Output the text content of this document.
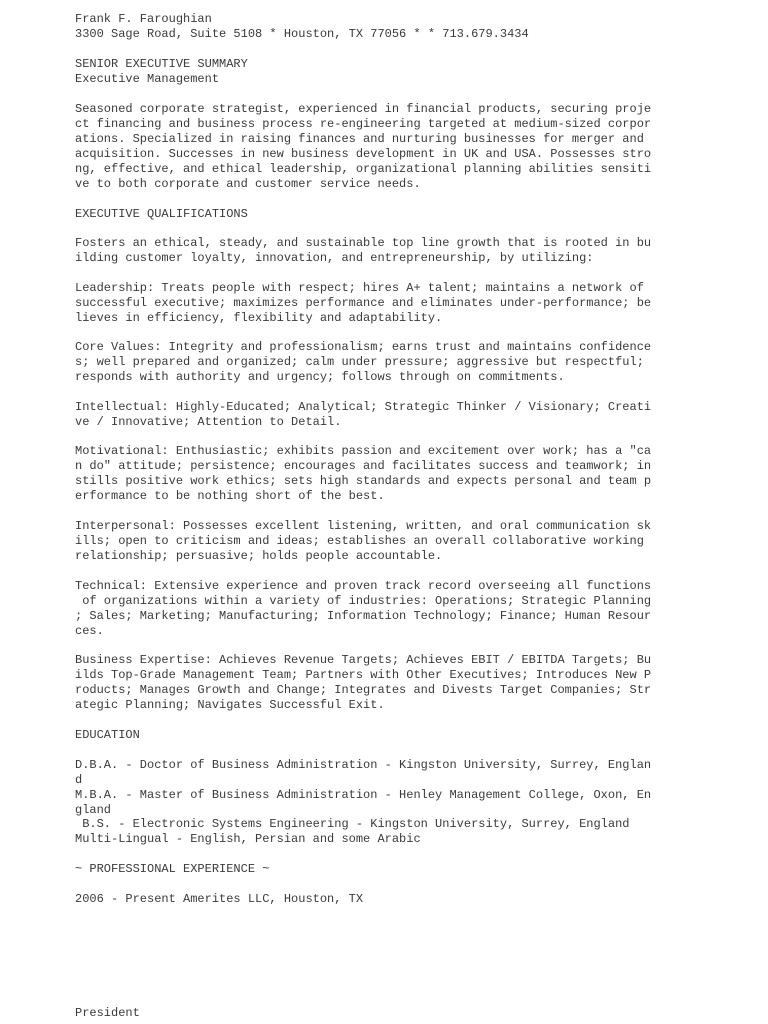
Frank F. Faroughian

3300 Sage Road, Suite 5108 * Houston, TX 77056 * * 713.679.3434

SENIOR EXECUTIVE SUMMARY

Executive Management

Seasoned corporate strategist, experienced in financial products, securing proje

ct financing and business process re-engineering targeted at medium-sized corpor

ations. Specialized in raising finances and nurturing businesses for merger and

acquisition. Successes in new business development in UK and USA. Possesses stro

ng, effective, and ethical leadership, organizational planning abilities sensiti

ve to both corporate and customer service needs.

EXECUTIVE QUALIFICATIONS

Fosters an ethical, steady, and sustainable top line growth that is rooted in bu

ilding customer loyalty, innovation, and entrepreneurship, by utilizing:

Leadership: Treats people with respect; hires A+ talent; maintains a network of

successful executive; maximizes performance and eliminates under-performance; be

lieves in efficiency, flexibility and adaptability.

Core Values: Integrity and professionalism; earns trust and maintains confidence

s; well prepared and organized; calm under pressure; aggressive but respectful;

responds with authority and urgency; follows through on commitments.

Intellectual: Highly-Educated; Analytical; Strategic Thinker / Visionary; Creati

ve / Innovative; Attention to Detail.

Motivational: Enthusiastic; exhibits passion and excitement over work; has a "ca

n do" attitude; persistence; encourages and facilitates success and teamwork; in

stills positive work ethics; sets high standards and expects personal and team p

erformance to be nothing short of the best.

Interpersonal: Possesses excellent listening, written, and oral communication sk

ills; open to criticism and ideas; establishes an overall collaborative working

relationship; persuasive; holds people accountable.

Technical: Extensive experience and proven track record overseeing all functions

of organizations within a variety of industries: Operations; Strategic Planning

; Sales; Marketing; Manufacturing; Information Technology; Finance; Human Resour

ces.

Business Expertise: Achieves Revenue Targets; Achieves EBIT / EBITDA Targets; Bu

ilds Top-Grade Management Team; Partners with Other Executives; Introduces New P

roducts; Manages Growth and Change; Integrates and Divests Target Companies; Str

ategic Planning; Navigates Successful Exit.

EDUCATION

D.B.A. - Doctor of Business Administration - Kingston University, Surrey, Englan

d

M.B.A. - Master of Business Administration - Henley Management College, Oxon, En

gland

B.S. - Electronic Systems Engineering - Kingston University, Surrey, England

Multi-Lingual - English, Persian and some Arabic

~ PROFESSIONAL EXPERIENCE ~

2006 - Present Amerites LLC, Houston, TX

President
